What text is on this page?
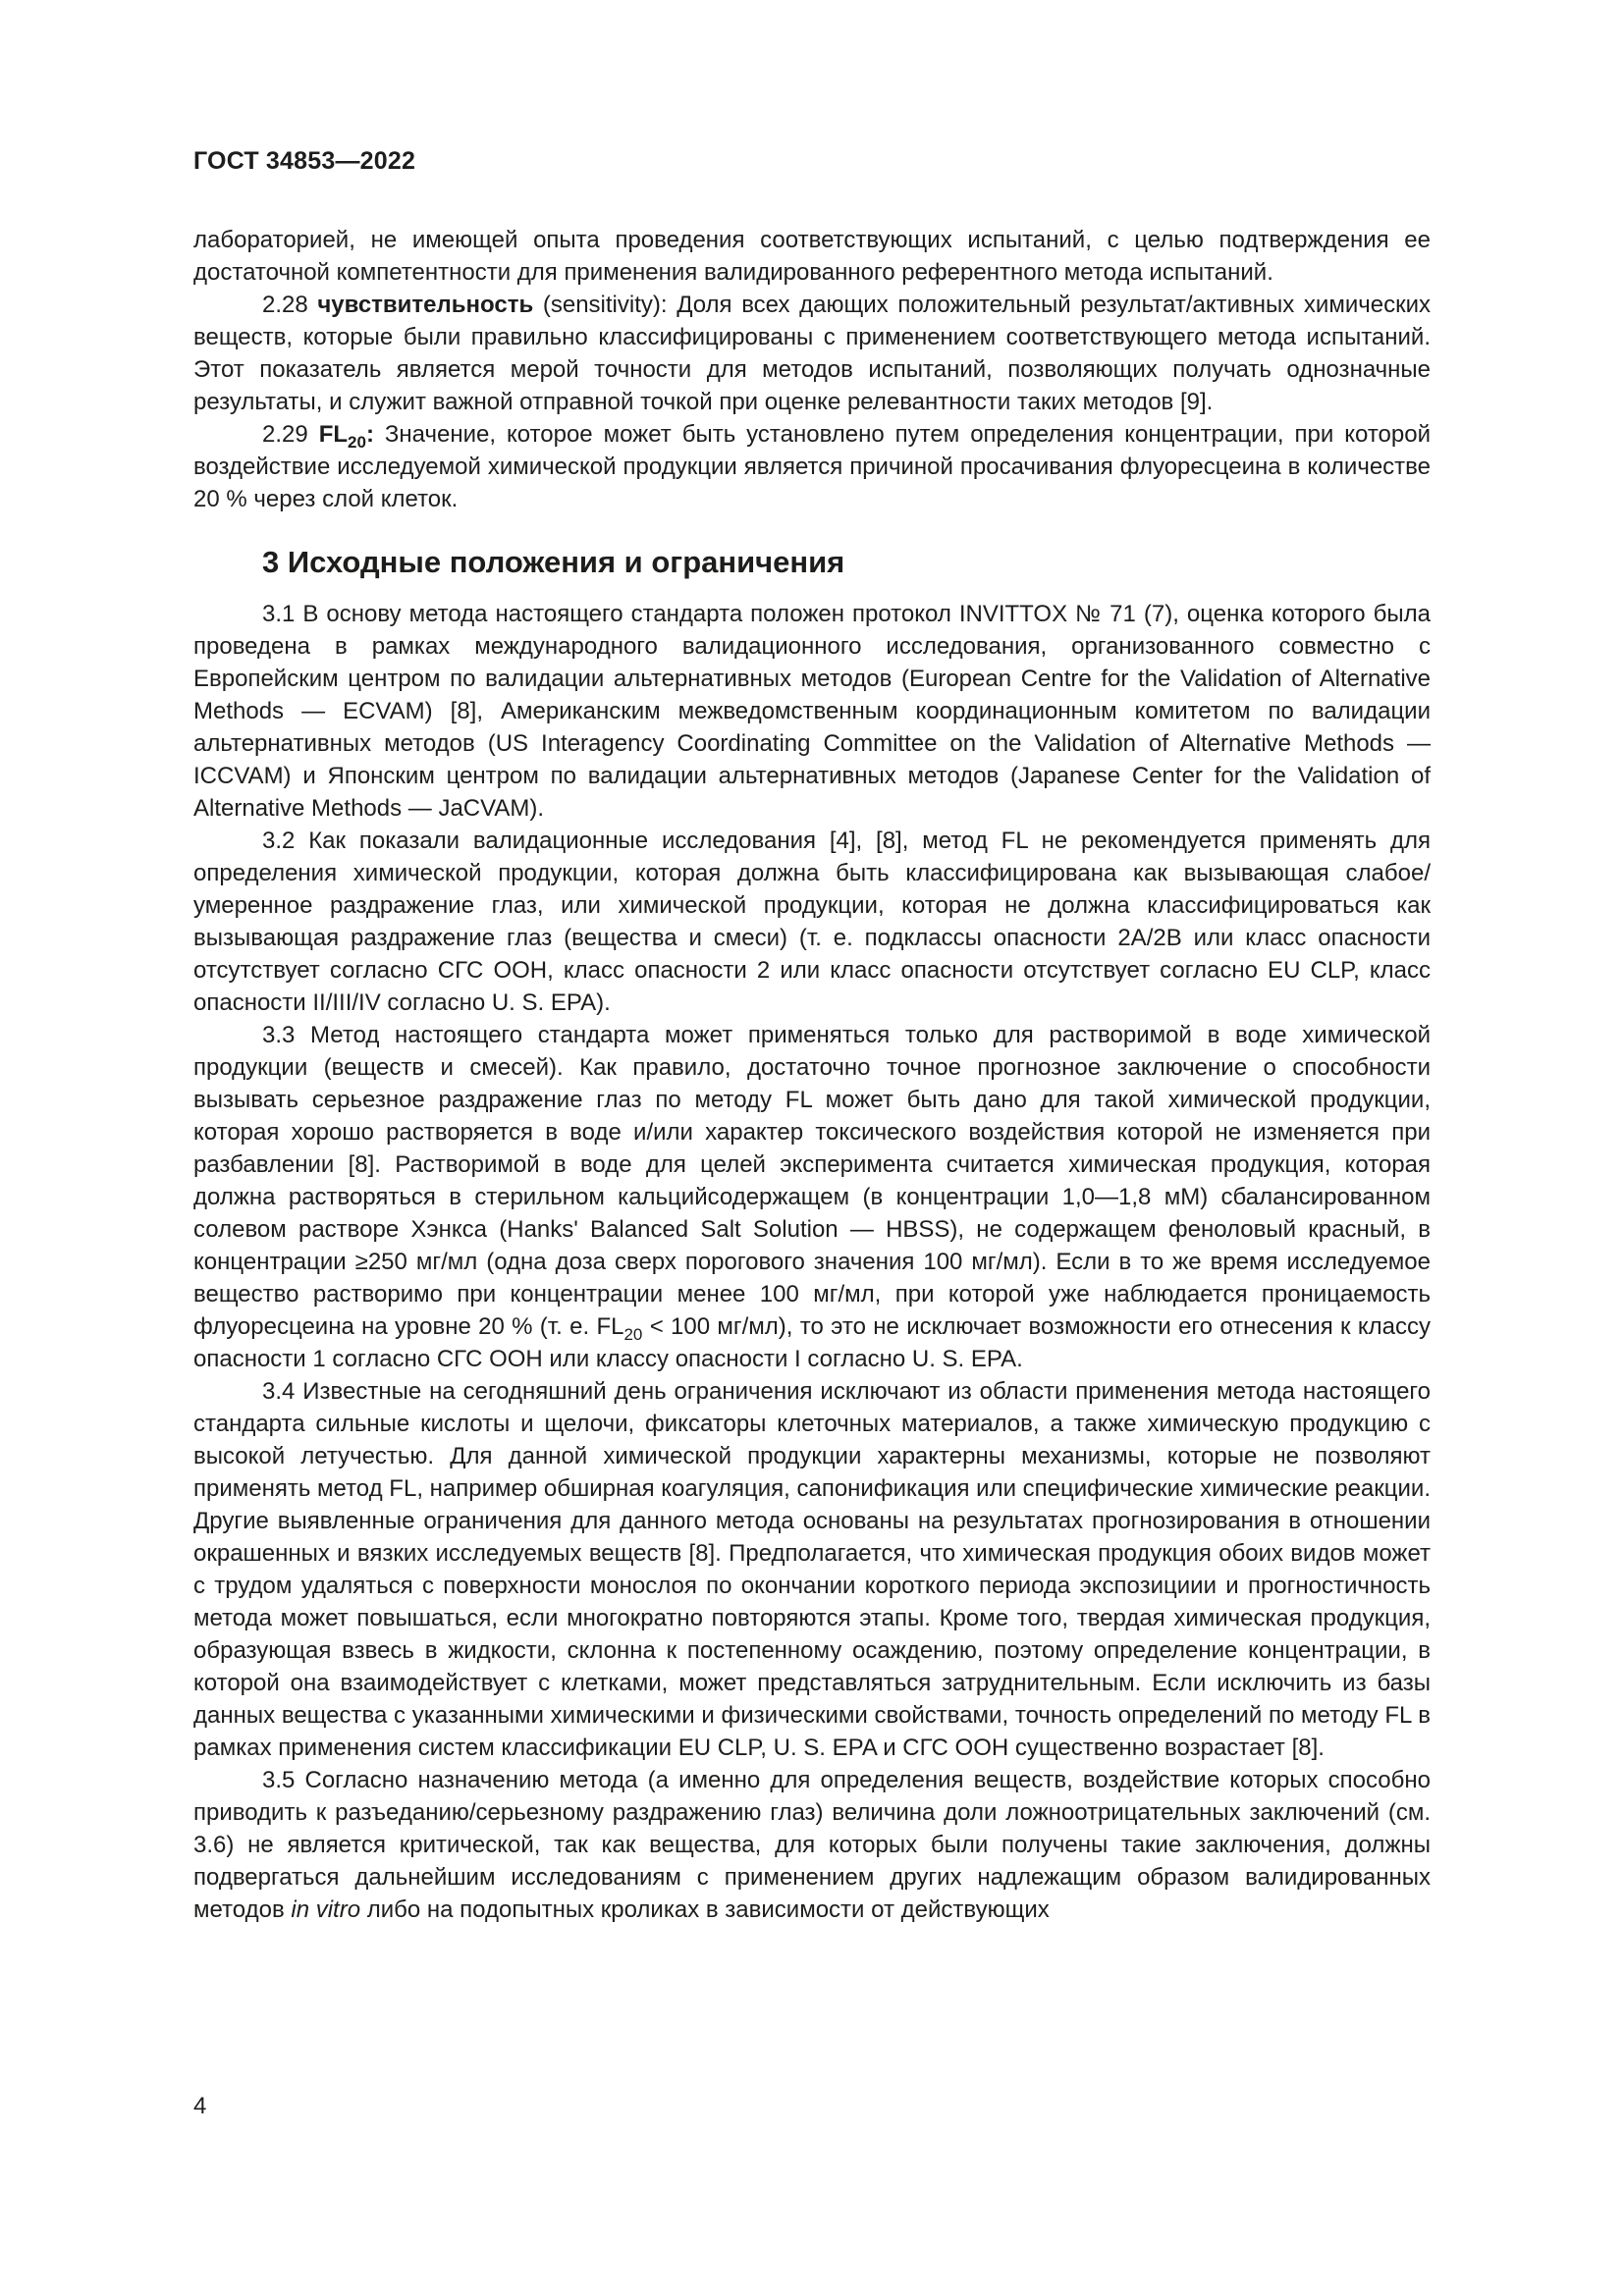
ГОСТ 34853—2022

лабораторией, не имеющей опыта проведения соответствующих испытаний, с целью подтверждения ее достаточной компетентности для применения валидированного референтного метода испытаний.

2.28 чувствительность (sensitivity): Доля всех дающих положительный результат/активных химических веществ, которые были правильно классифицированы с применением соответствующего метода испытаний. Этот показатель является мерой точности для методов испытаний, позволяющих получать однозначные результаты, и служит важной отправной точкой при оценке релевантности таких методов [9].

2.29 $FL_{20}$: Значение, которое может быть установлено путем определения концентрации, при которой воздействие исследуемой химической продукции является причиной просачивания флуоресцеина в количестве 20 % через слой клеток.

3 Исходные положения и ограничения

3.1 В основу метода настоящего стандарта положен протокол INVITTOX № 71 (7), оценка которого была проведена в рамках международного валидационного исследования, организованного совместно с Европейским центром по валидации альтернативных методов (European Centre for the Validation of Alternative Methods — ECVAM) [8], Американским межведомственным координационным комитетом по валидации альтернативных методов (US Interagency Coordinating Committee on the Validation of Alternative Methods — ICCVAM) и Японским центром по валидации альтернативных методов (Japanese Center for the Validation of Alternative Methods — JaCVAM).

3.2 Как показали валидационные исследования [4], [8], метод FL не рекомендуется применять для определения химической продукции, которая должна быть классифицирована как вызывающая слабое/умеренное раздражение глаз, или химической продукции, которая не должна классифицироваться как вызывающая раздражение глаз (вещества и смеси) (т. е. подклассы опасности 2A/2B или класс опасности отсутствует согласно СГС ООН, класс опасности 2 или класс опасности отсутствует согласно EU CLP, класс опасности II/III/IV согласно U. S. EPA).

3.3 Метод настоящего стандарта может применяться только для растворимой в воде химической продукции (веществ и смесей). Как правило, достаточно точное прогнозное заключение о способности вызывать серьезное раздражение глаз по методу FL может быть дано для такой химической продукции, которая хорошо растворяется в воде и/или характер токсического воздействия которой не изменяется при разбавлении [8]. Растворимой в воде для целей эксперимента считается химическая продукция, которая должна растворяться в стерильном кальцийсодержащем (в концентрации 1,0—1,8 мМ) сбалансированном солевом растворе Хэнкса (Hanks' Balanced Salt Solution — HBSS), не содержащем феноловый красный, в концентрации ≥250 мг/мл (одна доза сверх порогового значения 100 мг/мл). Если в то же время исследуемое вещество растворимо при концентрации менее 100 мг/мл, при которой уже наблюдается проницаемость флуоресцеина на уровне 20 % (т. е. $FL_{20} < 100$ мг/мл), то это не исключает возможности его отнесения к классу опасности 1 согласно СГС ООН или классу опасности I согласно U. S. EPA.

3.4 Известные на сегодняшний день ограничения исключают из области применения метода настоящего стандарта сильные кислоты и щелочи, фиксаторы клеточных материалов, а также химическую продукцию с высокой летучестью. Для данной химической продукции характерны механизмы, которые не позволяют применять метод FL, например обширная коагуляция, сапонификация или специфические химические реакции. Другие выявленные ограничения для данного метода основаны на результатах прогнозирования в отношении окрашенных и вязких исследуемых веществ [8]. Предполагается, что химическая продукция обоих видов может с трудом удаляться с поверхности монослоя по окончании короткого периода экспозициии и прогностичность метода может повышаться, если многократно повторяются этапы. Кроме того, твердая химическая продукция, образующая взвесь в жидкости, склонна к постепенному осаждению, поэтому определение концентрации, в которой она взаимодействует с клетками, может представляться затруднительным. Если исключить из базы данных вещества с указанными химическими и физическими свойствами, точность определений по методу FL в рамках применения систем классификации EU CLP, U. S. EPA и СГС ООН существенно возрастает [8].

3.5 Согласно назначению метода (а именно для определения веществ, воздействие которых способно приводить к разъеданию/серьезному раздражению глаз) величина доли ложноотрицательных заключений (см. 3.6) не является критической, так как вещества, для которых были получены такие заключения, должны подвергаться дальнейшим исследованиям с применением других надлежащим образом валидированных методов in vitro либо на подопытных кроликах в зависимости от действующих

4
